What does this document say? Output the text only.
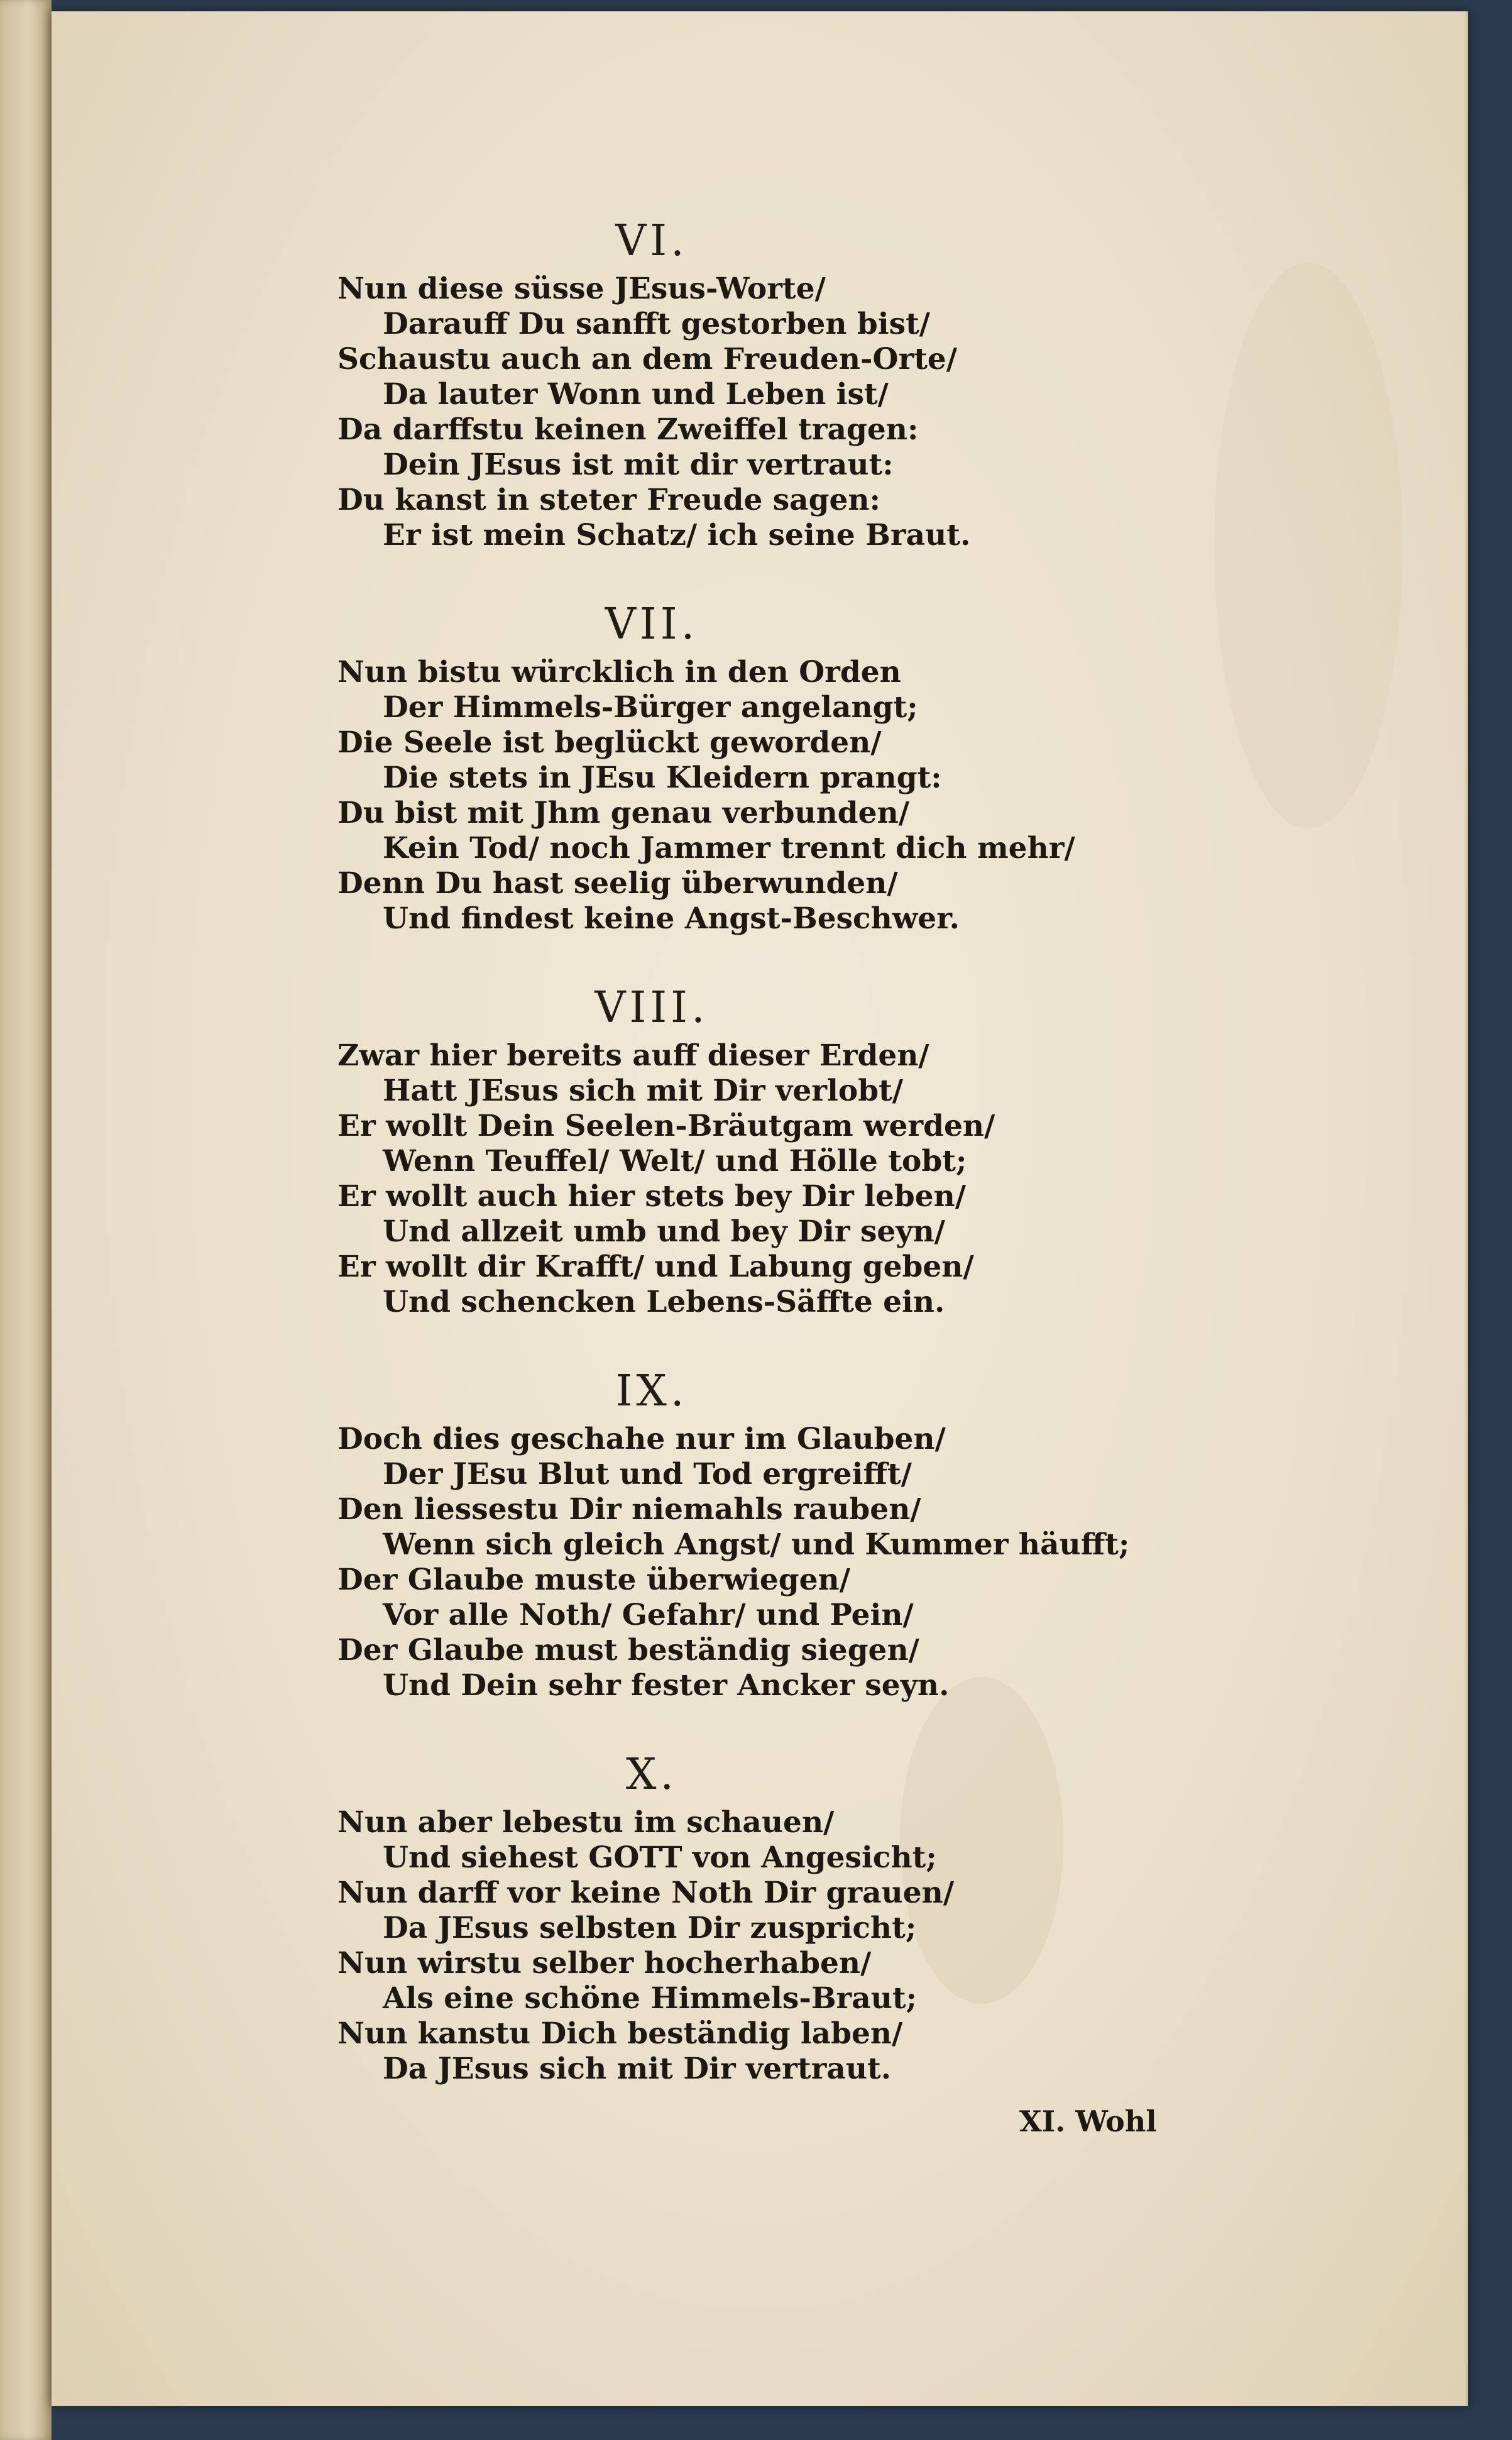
VI.
Nun diese süsse JEsus-Worte/
Darauff Du sanfft gestorben bist/
Schaustu auch an dem Freuden-Orte/
Da lauter Wonn und Leben ist/
Da darffstu keinen Zweiffel tragen:
Dein JEsus ist mit dir vertraut:
Du kanst in steter Freude sagen:
Er ist mein Schatz/ ich seine Braut.
VII.
Nun bistu würcklich in den Orden
Der Himmels-Bürger angelangt;
Die Seele ist beglückt geworden/
Die stets in JEsu Kleidern prangt:
Du bist mit Jhm genau verbunden/
Kein Tod/ noch Jammer trennt dich mehr/
Denn Du hast seelig überwunden/
Und findest keine Angst-Beschwer.
VIII.
Zwar hier bereits auff dieser Erden/
Hatt JEsus sich mit Dir verlobt/
Er wollt Dein Seelen-Bräutgam werden/
Wenn Teuffel/ Welt/ und Hölle tobt;
Er wollt auch hier stets bey Dir leben/
Und allzeit umb und bey Dir seyn/
Er wollt dir Krafft/ und Labung geben/
Und schencken Lebens-Säffte ein.
IX.
Doch dies geschahe nur im Glauben/
Der JEsu Blut und Tod ergreifft/
Den liessestu Dir niemahls rauben/
Wenn sich gleich Angst/ und Kummer häufft;
Der Glaube muste überwiegen/
Vor alle Noth/ Gefahr/ und Pein/
Der Glaube must beständig siegen/
Und Dein sehr fester Ancker seyn.
X.
Nun aber lebestu im schauen/
Und siehest GOTT von Angesicht;
Nun darff vor keine Noth Dir grauen/
Da JEsus selbsten Dir zuspricht;
Nun wirstu selber hocherhaben/
Als eine schöne Himmels-Braut;
Nun kanstu Dich beständig laben/
Da JEsus sich mit Dir vertraut.
XI. Wohl
